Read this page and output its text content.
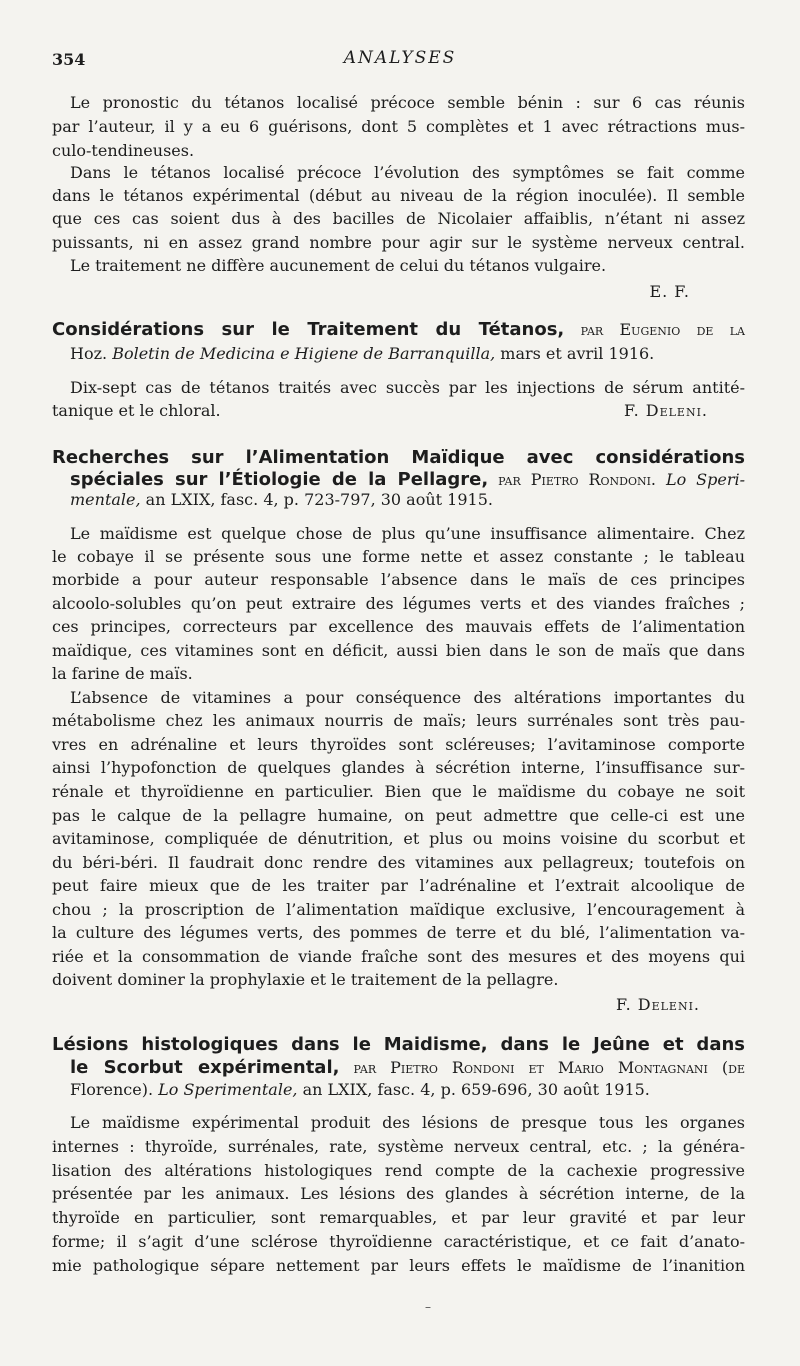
354	ANALYSES
Le pronostic du tétanos localisé précoce semble bénin : sur 6 cas réunis
par l’auteur, il y a eu 6 guérisons, dont 5 complètes et 1 avec rétractions mus-
culo-tendineuses.
Dans le tétanos localisé précoce l’évolution des symptômes se fait comme
dans le tétanos expérimental (début au niveau de la région inoculée). Il semble
que ces cas soient dus à des bacilles de Nicolaier affaiblis, n’étant ni assez
puissants, ni en assez grand nombre pour agir sur le système nerveux central.
Le traitement ne diffère aucunement de celui du tétanos vulgaire.
E. F.
Considérations sur le Traitement du Tétanos, par Eugenio de la
Hoz. Boletin de Medicina e Higiene de Barranquilla, mars et avril 1916.
Dix-sept cas de tétanos traités avec succès par les injections de sérum antité-
tanique et le chloral.	F. Deleni.
Recherches sur l’Alimentation Maïdique avec considérations
spéciales sur l’Étiologie de la Pellagre, par Pietro Rondoni. Lo Speri-
mentale, an LXIX, fasc. 4, p. 723-797, 30 août 1915.
Le maïdisme est quelque chose de plus qu’une insuffisance alimentaire. Chez
le cobaye il se présente sous une forme nette et assez constante ; le tableau
morbide a pour auteur responsable l’absence dans le maïs de ces principes
alcoolo-solubles qu’on peut extraire des légumes verts et des viandes fraîches ;
ces principes, correcteurs par excellence des mauvais effets de l’alimentation
maïdique, ces vitamines sont en déficit, aussi bien dans le son de maïs que dans
la farine de maïs.
L’absence de vitamines a pour conséquence des altérations importantes du
métabolisme chez les animaux nourris de maïs; leurs surrénales sont très pau-
vres en adrénaline et leurs thyroïdes sont scléreuses; l’avitaminose comporte
ainsi l’hypofonction de quelques glandes à sécrétion interne, l’insuffisance sur-
rénale et thyroïdienne en particulier. Bien que le maïdisme du cobaye ne soit
pas le calque de la pellagre humaine, on peut admettre que celle-ci est une
avitaminose, compliquée de dénutrition, et plus ou moins voisine du scorbut et
du béri-béri. Il faudrait donc rendre des vitamines aux pellagreux; toutefois on
peut faire mieux que de les traiter par l’adrénaline et l’extrait alcoolique de
chou ; la proscription de l’alimentation maïdique exclusive, l’encouragement à
la culture des légumes verts, des pommes de terre et du blé, l’alimentation va-
riée et la consommation de viande fraîche sont des mesures et des moyens qui
doivent dominer la prophylaxie et le traitement de la pellagre.
F. Deleni.
Lésions histologiques dans le Maidisme, dans le Jeûne et dans
le Scorbut expérimental, par Pietro Rondoni et Mario Montagnani (de
Florence). Lo Sperimentale, an LXIX, fasc. 4, p. 659-696, 30 août 1915.
Le maïdisme expérimental produit des lésions de presque tous les organes
internes : thyroïde, surrénales, rate, système nerveux central, etc. ; la généra-
lisation des altérations histologiques rend compte de la cachexie progressive
présentée par les animaux. Les lésions des glandes à sécrétion interne, de la
thyroïde en particulier, sont remarquables, et par leur gravité et par leur
forme; il s’agit d’une sclérose thyroïdienne caractéristique, et ce fait d’anato-
mie pathologique sépare nettement par leurs effets le maïdisme de l’inanition
–
